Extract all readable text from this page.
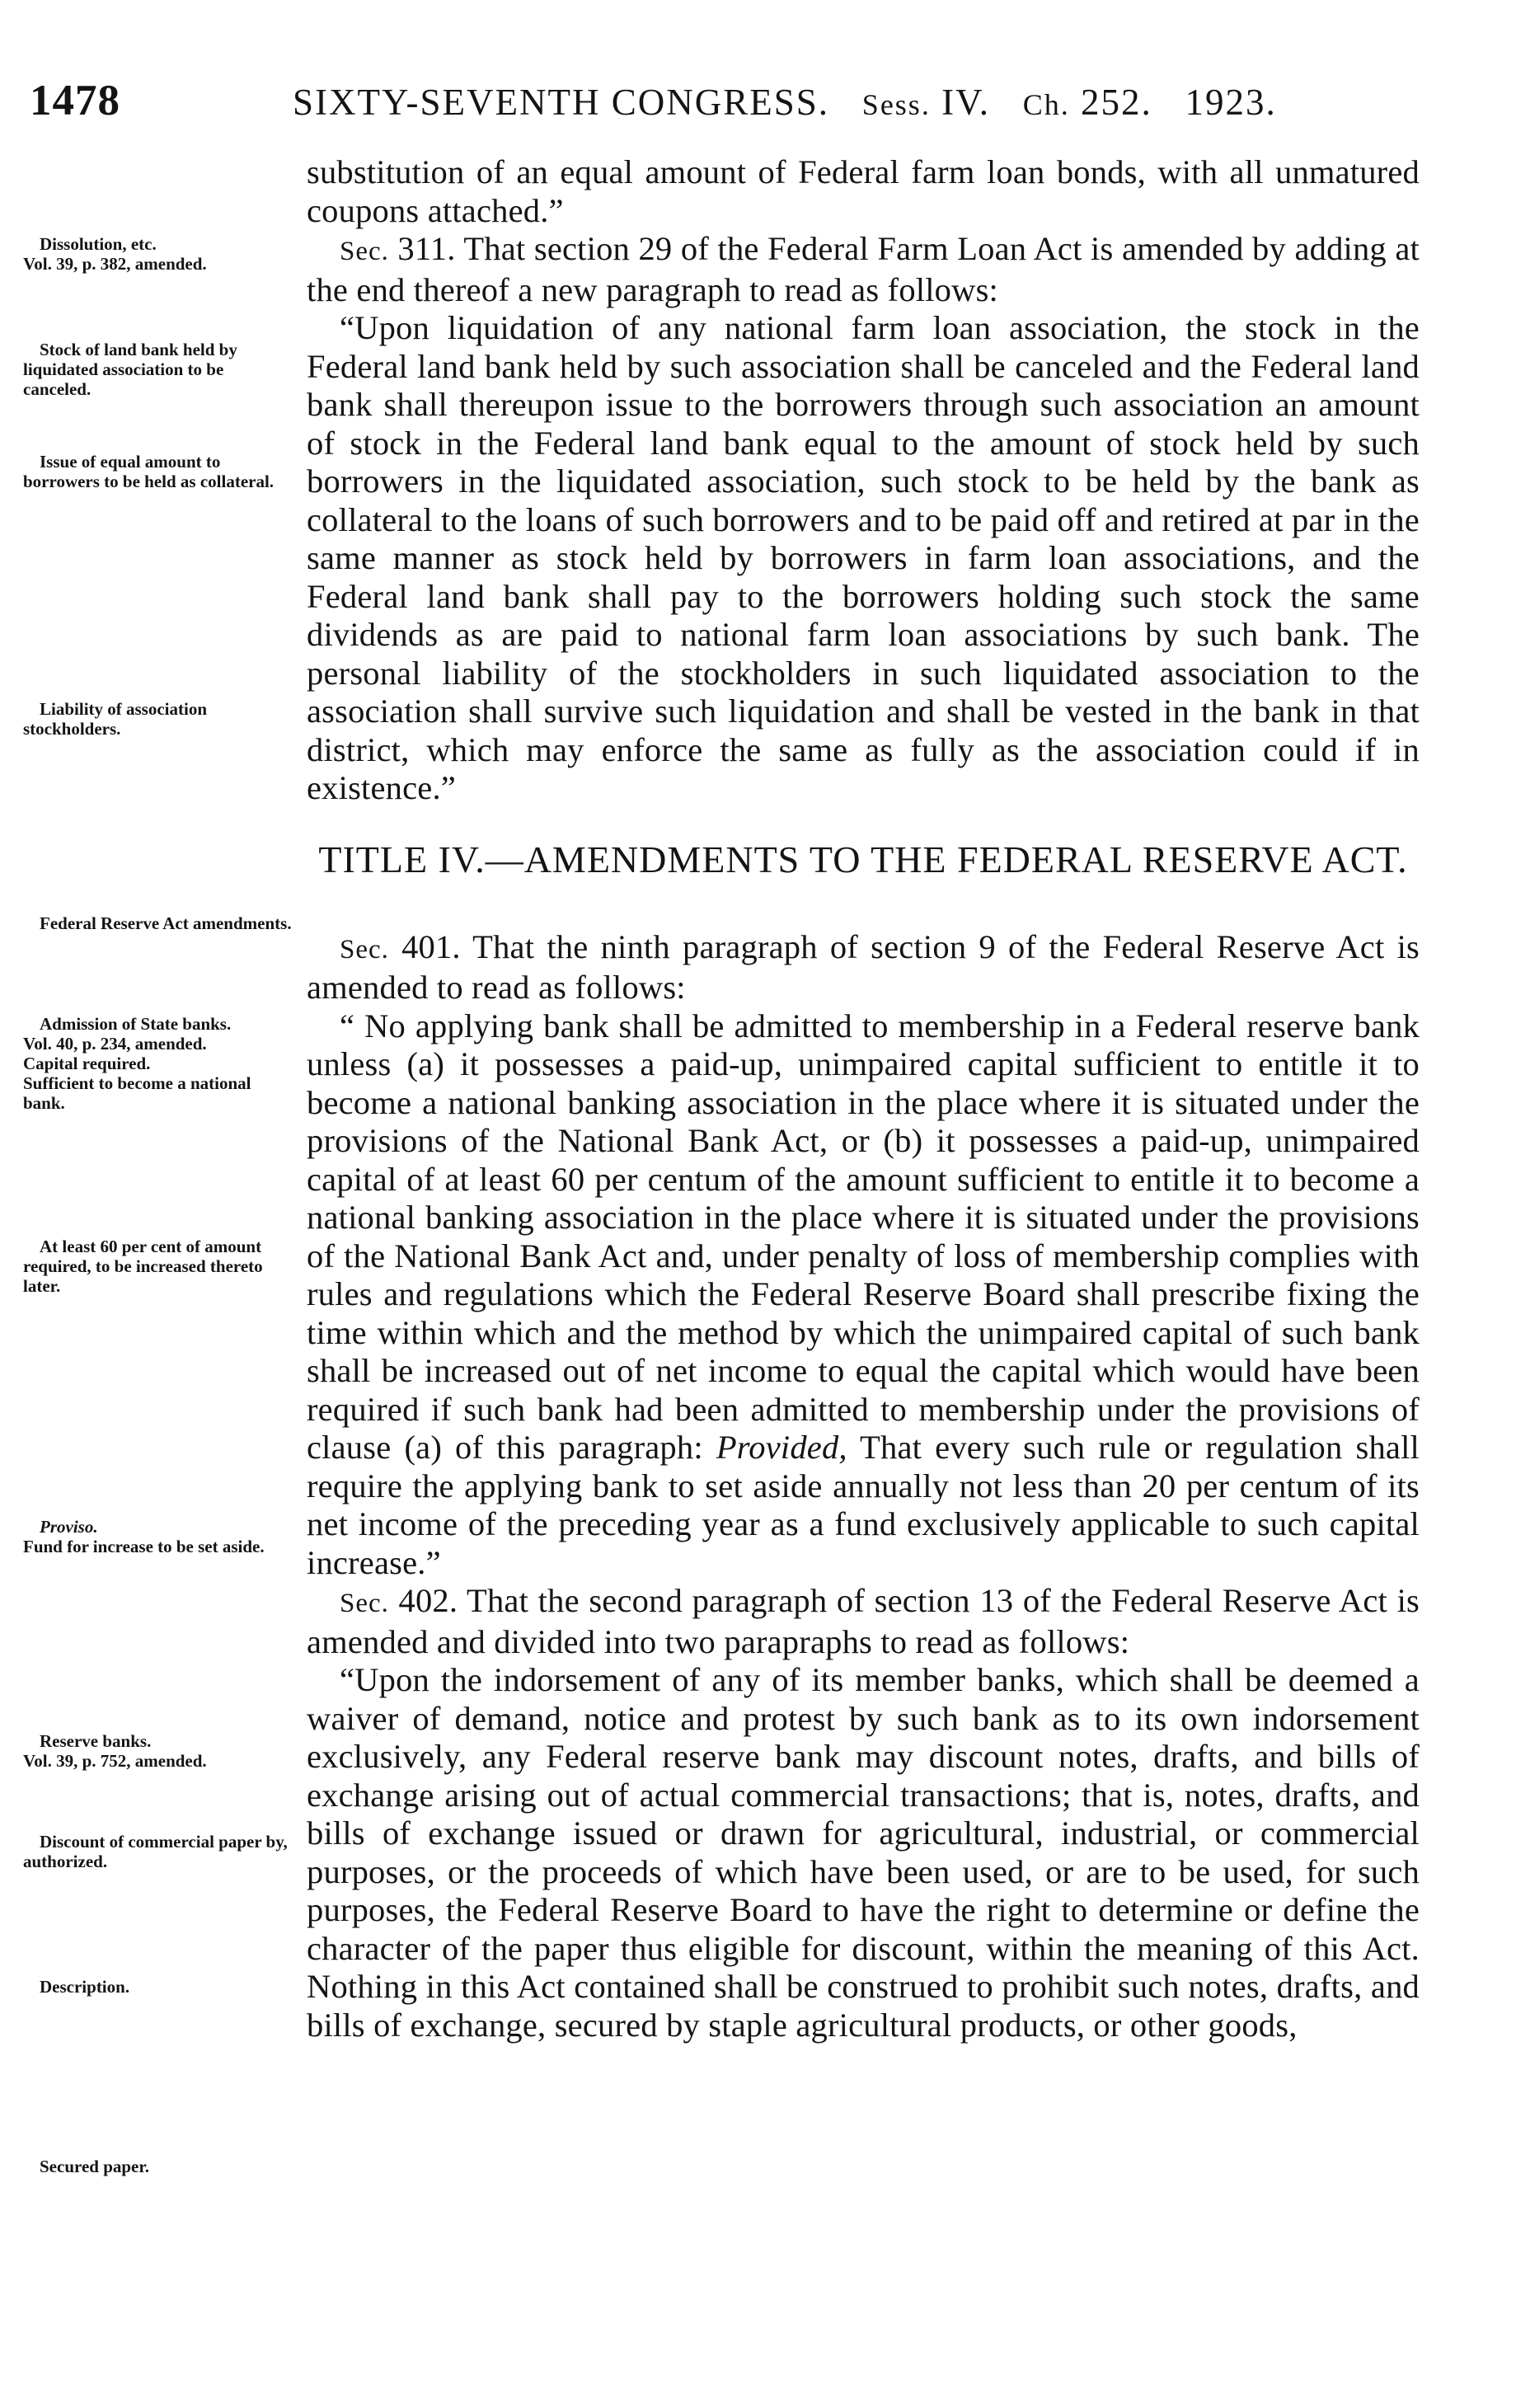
1478	SIXTY-SEVENTH CONGRESS. Sess. IV. Ch. 252. 1923.
Dissolution, etc.
Vol. 39, p. 382, amended.
Stock of land bank held by liquidated association to be canceled.
Issue of equal amount to borrowers to be held as collateral.
Liability of association stockholders.
Federal Reserve Act amendments.
Admission of State banks.
Vol. 40, p. 234, amended.
Capital required.
Sufficient to become a national bank.
At least 60 per cent of amount required, to be increased thereto later.
Proviso.
Fund for increase to be set aside.
Reserve banks.
Vol. 39, p. 752, amended.
Discount of commercial paper by, authorized.
Description.
Secured paper.

substitution of an equal amount of Federal farm loan bonds, with all unmatured coupons attached.”

Sec. 311. That section 29 of the Federal Farm Loan Act is amended by adding at the end thereof a new paragraph to read as follows:

“Upon liquidation of any national farm loan association, the stock in the Federal land bank held by such association shall be canceled and the Federal land bank shall thereupon issue to the borrowers through such association an amount of stock in the Federal land bank equal to the amount of stock held by such borrowers in the liquidated association, such stock to be held by the bank as collateral to the loans of such borrowers and to be paid off and retired at par in the same manner as stock held by borrowers in farm loan associations, and the Federal land bank shall pay to the borrowers holding such stock the same dividends as are paid to national farm loan associations by such bank. The personal liability of the stockholders in such liquidated association to the association shall survive such liquidation and shall be vested in the bank in that district, which may enforce the same as fully as the association could if in existence.”

TITLE IV.—AMENDMENTS TO THE FEDERAL RESERVE ACT.

Sec. 401. That the ninth paragraph of section 9 of the Federal Reserve Act is amended to read as follows:

“ No applying bank shall be admitted to membership in a Federal reserve bank unless (a) it possesses a paid-up, unimpaired capital sufficient to entitle it to become a national banking association in the place where it is situated under the provisions of the National Bank Act, or (b) it possesses a paid-up, unimpaired capital of at least 60 per centum of the amount sufficient to entitle it to become a national banking association in the place where it is situated under the provisions of the National Bank Act and, under penalty of loss of membership complies with rules and regulations which the Federal Reserve Board shall prescribe fixing the time within which and the method by which the unimpaired capital of such bank shall be increased out of net income to equal the capital which would have been required if such bank had been admitted to membership under the provisions of clause (a) of this paragraph: Provided, That every such rule or regulation shall require the applying bank to set aside annually not less than 20 per centum of its net income of the preceding year as a fund exclusively applicable to such capital increase.”

Sec. 402. That the second paragraph of section 13 of the Federal Reserve Act is amended and divided into two parapraphs to read as follows:

“Upon the indorsement of any of its member banks, which shall be deemed a waiver of demand, notice and protest by such bank as to its own indorsement exclusively, any Federal reserve bank may discount notes, drafts, and bills of exchange arising out of actual commercial transactions; that is, notes, drafts, and bills of exchange issued or drawn for agricultural, industrial, or commercial purposes, or the proceeds of which have been used, or are to be used, for such purposes, the Federal Reserve Board to have the right to determine or define the character of the paper thus eligible for discount, within the meaning of this Act. Nothing in this Act contained shall be construed to prohibit such notes, drafts, and bills of exchange, secured by staple agricultural products, or other goods,
